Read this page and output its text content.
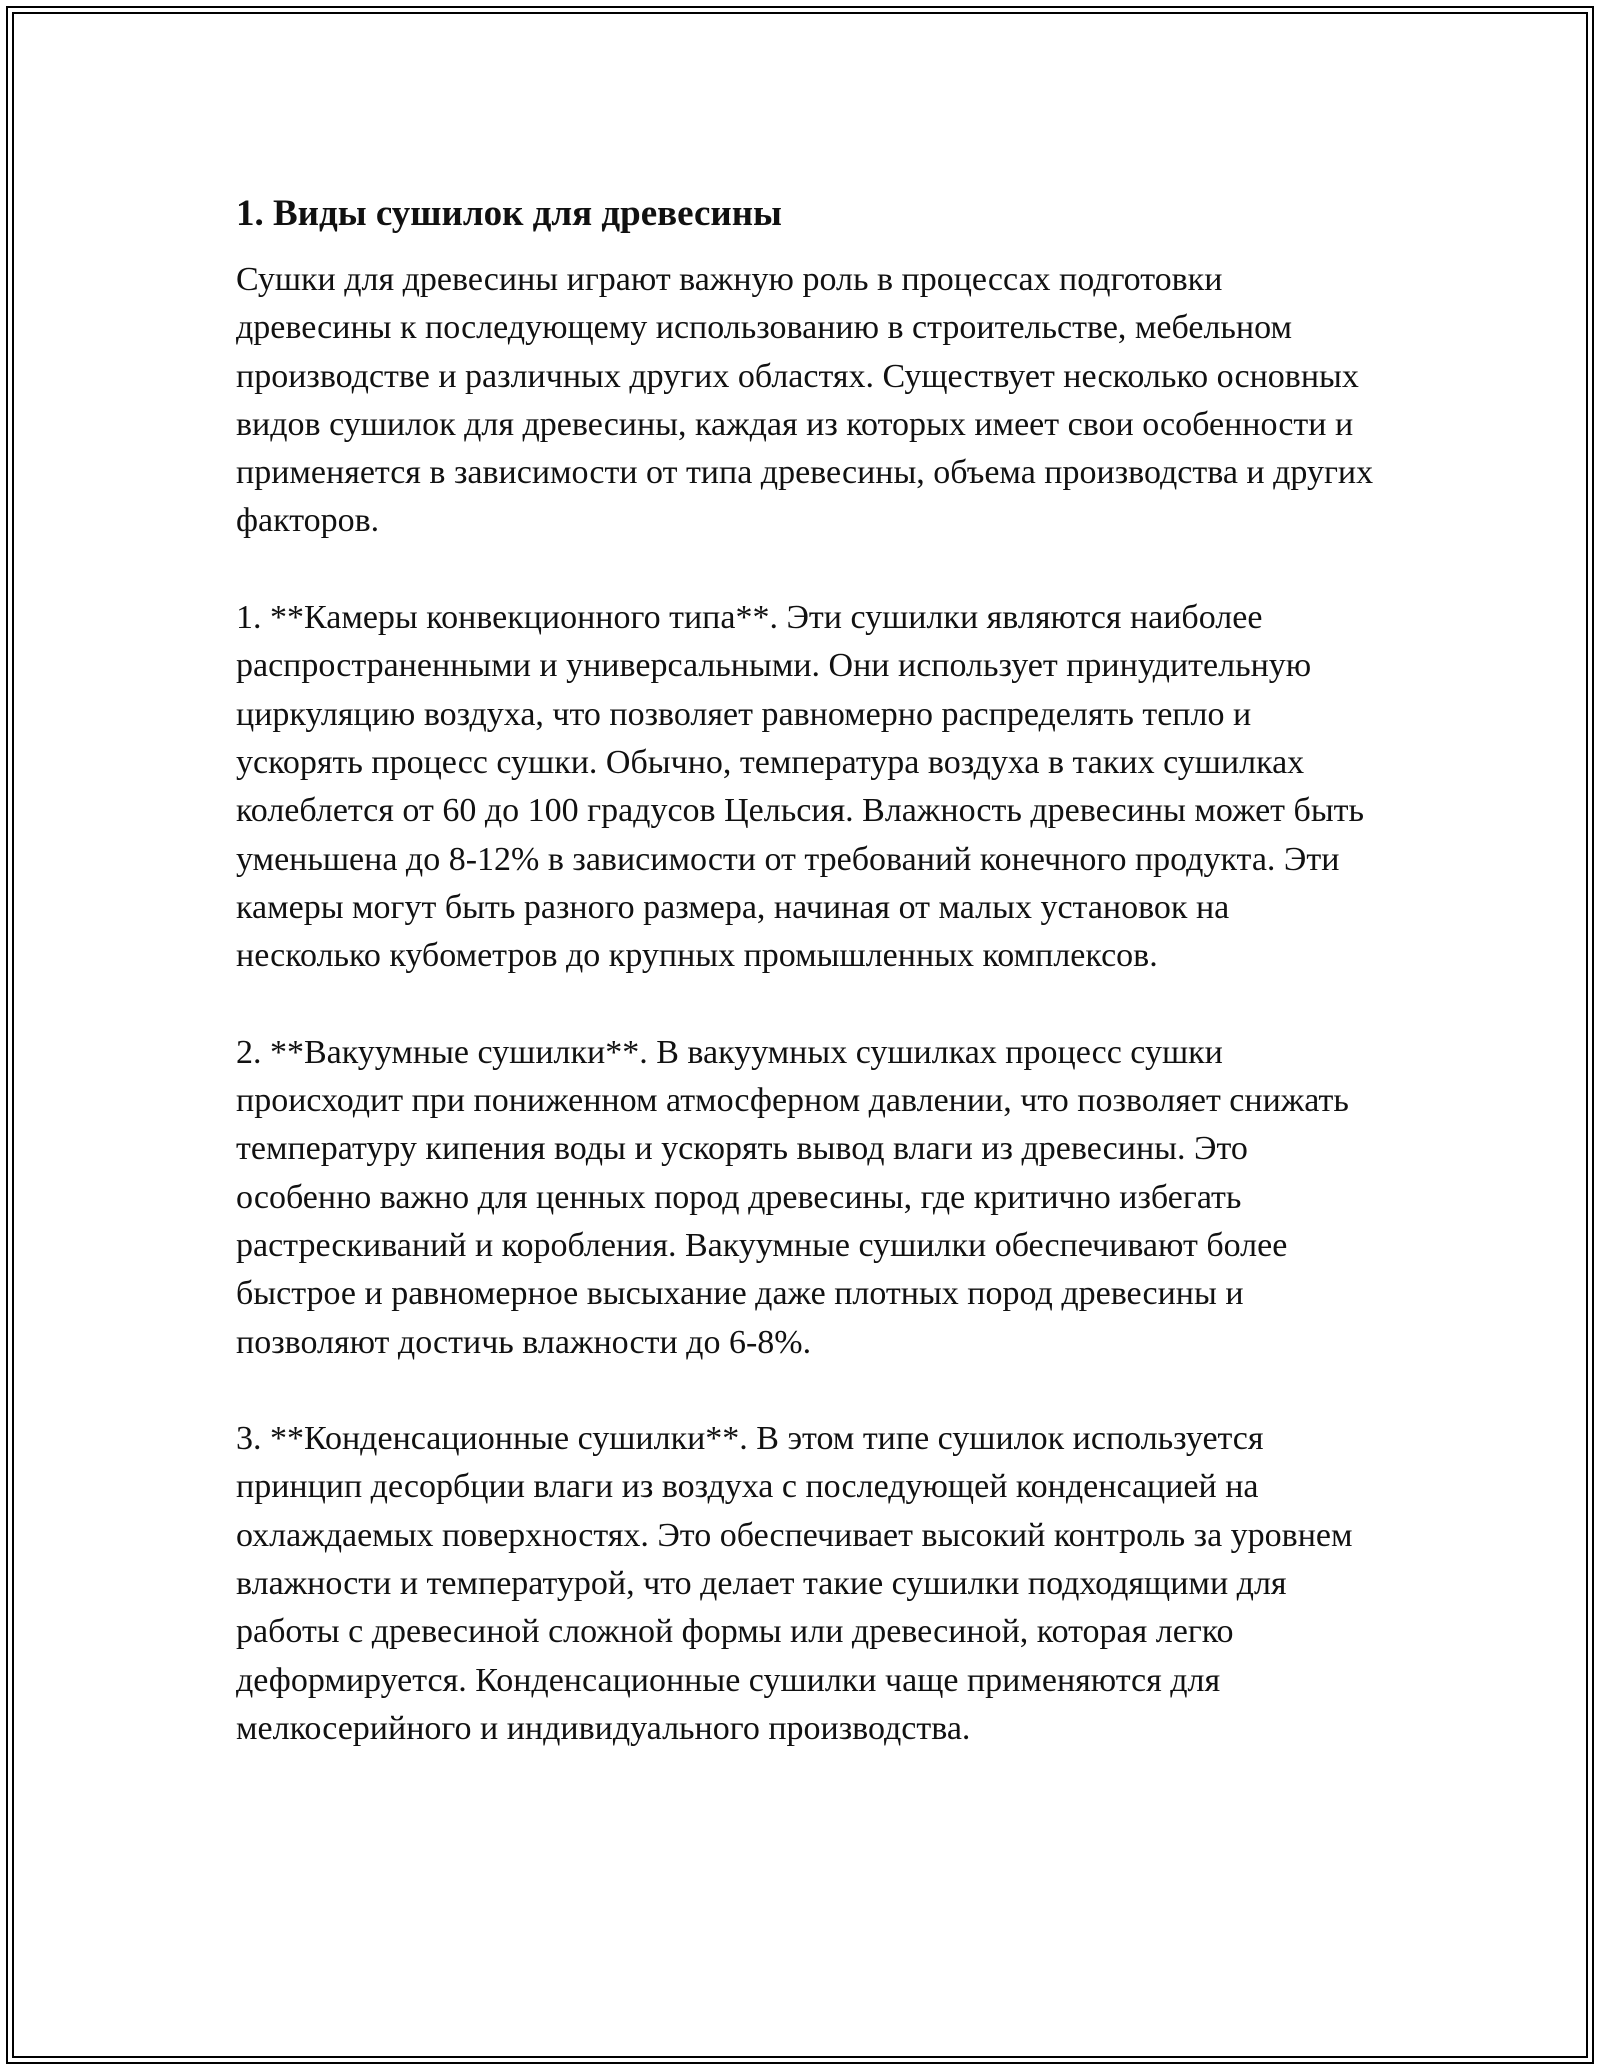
1. Виды сушилок для древесины

Сушки для древесины играют важную роль в процессах подготовки древесины к последующему использованию в строительстве, мебельном производстве и различных других областях. Существует несколько основных видов сушилок для древесины, каждая из которых имеет свои особенности и применяется в зависимости от типа древесины, объема производства и других факторов.

1. **Камеры конвекционного типа**. Эти сушилки являются наиболее распространенными и универсальными. Они использует принудительную циркуляцию воздуха, что позволяет равномерно распределять тепло и ускорять процесс сушки. Обычно, температура воздуха в таких сушилках колеблется от 60 до 100 градусов Цельсия. Влажность древесины может быть уменьшена до 8-12% в зависимости от требований конечного продукта. Эти камеры могут быть разного размера, начиная от малых установок на несколько кубометров до крупных промышленных комплексов.

2. **Вакуумные сушилки**. В вакуумных сушилках процесс сушки происходит при пониженном атмосферном давлении, что позволяет снижать температуру кипения воды и ускорять вывод влаги из древесины. Это особенно важно для ценных пород древесины, где критично избегать растрескиваний и коробления. Вакуумные сушилки обеспечивают более быстрое и равномерное высыхание даже плотных пород древесины и позволяют достичь влажности до 6-8%.

3. **Конденсационные сушилки**. В этом типе сушилок используется принцип десорбции влаги из воздуха с последующей конденсацией на охлаждаемых поверхностях. Это обеспечивает высокий контроль за уровнем влажности и температурой, что делает такие сушилки подходящими для работы с древесиной сложной формы или древесиной, которая легко деформируется. Конденсационные сушилки чаще применяются для мелкосерийного и индивидуального производства.
